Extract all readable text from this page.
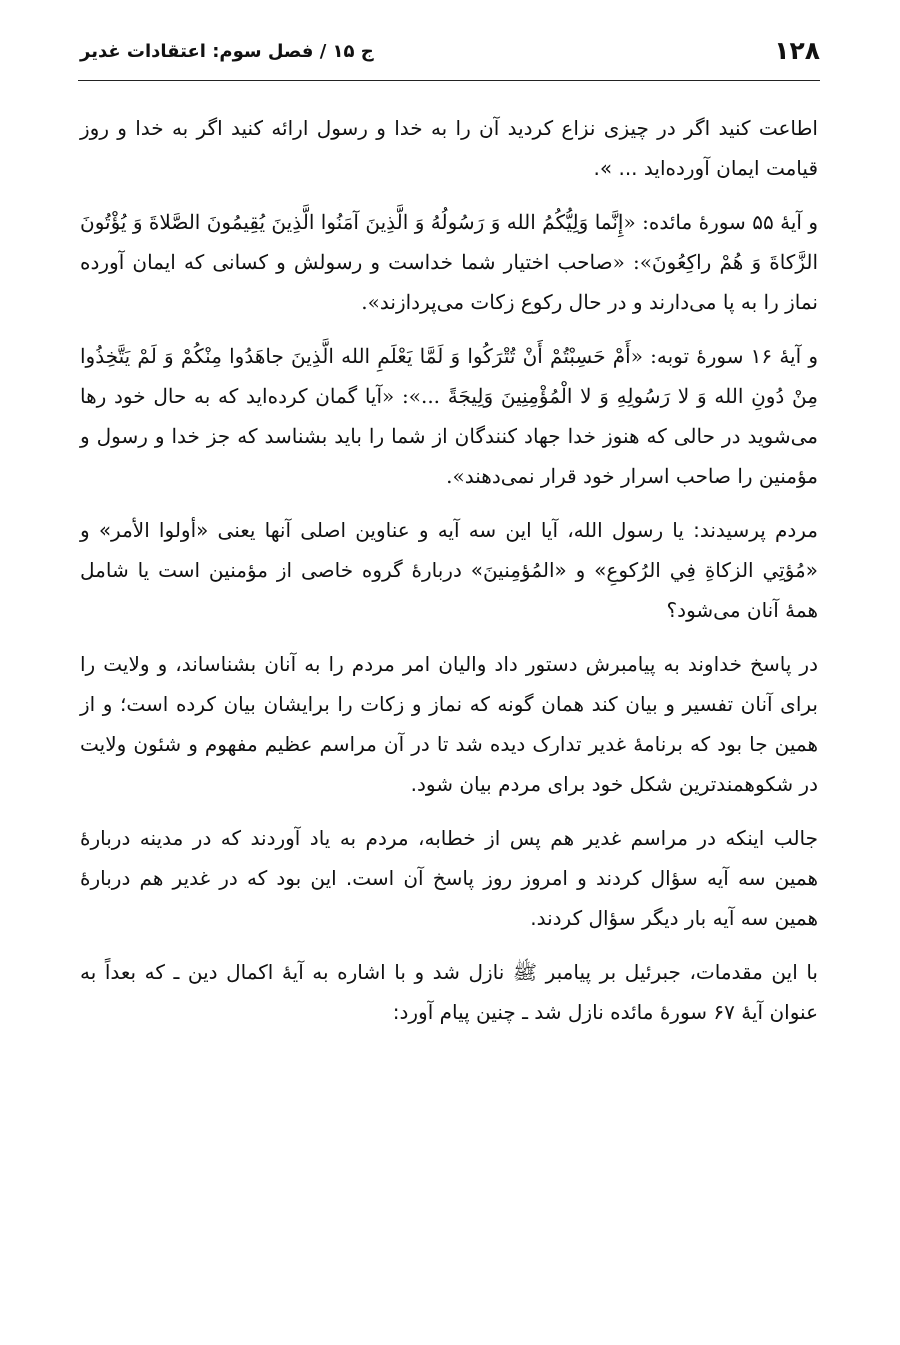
۱۲۸
ج ۱۵ / فصل سوم: اعتقادات غدیر

اطاعت کنید اگر در چیزی نزاع کردید آن را به خدا و رسول ارائه کنید اگر به خدا و روز قیامت ایمان آورده‌اید ... ».

و آیۀ ۵۵ سورۀ مائده: «إِنَّما وَلِيُّكُمُ الله وَ رَسُولُهُ وَ الَّذِينَ آمَنُوا الَّذِينَ يُقِيمُونَ الصَّلاةَ وَ يُؤْتُونَ الزَّكاةَ وَ هُمْ راكِعُونَ»: «صاحب اختیار شما خداست و رسولش و کسانی که ایمان آورده نماز را به پا می‌دارند و در حال رکوع زکات می‌پردازند».

و آیۀ ۱۶ سورۀ توبه: «أَمْ حَسِبْتُمْ أَنْ تُتْرَكُوا وَ لَمَّا يَعْلَمِ الله الَّذِينَ جاهَدُوا مِنْكُمْ وَ لَمْ يَتَّخِذُوا مِنْ دُونِ الله وَ لا رَسُولِهِ وَ لا الْمُؤْمِنِينَ وَلِيجَةً ...»: «آیا گمان کرده‌اید که به حال خود رها می‌شوید در حالی که هنوز خدا جهاد کنندگان از شما را باید بشناسد که جز خدا و رسول و مؤمنین را صاحب اسرار خود قرار نمی‌دهند».

مردم پرسیدند: یا رسول الله، آیا این سه آیه و عناوین اصلی آنها یعنی «أولوا الأمر» و «مُؤتِي الزكاةِ فِي الرُكوعِ» و «المُؤمِنينَ» دربارۀ گروه خاصی از مؤمنین است یا شامل همۀ آنان می‌شود؟

در پاسخ خداوند به پیامبرش دستور داد والیان امر مردم را به آنان بشناساند، و ولایت را برای آنان تفسیر و بیان کند همان گونه که نماز و زکات را برایشان بیان کرده است؛ و از همین جا بود که برنامۀ غدیر تدارک دیده شد تا در آن مراسم عظیم مفهوم و شئون ولایت در شکوهمندترین شکل خود برای مردم بیان شود.

جالب اینکه در مراسم غدیر هم پس از خطابه، مردم به یاد آوردند که در مدینه دربارۀ همین سه آیه سؤال کردند و امروز روز پاسخ آن است. این بود که در غدیر هم دربارۀ همین سه آیه بار دیگر سؤال کردند.

با این مقدمات، جبرئیل بر پیامبر ﷺ نازل شد و با اشاره به آیۀ اکمال دین ـ که بعداً به عنوان آیۀ ۶۷ سورۀ مائده نازل شد ـ چنین پیام آورد:
